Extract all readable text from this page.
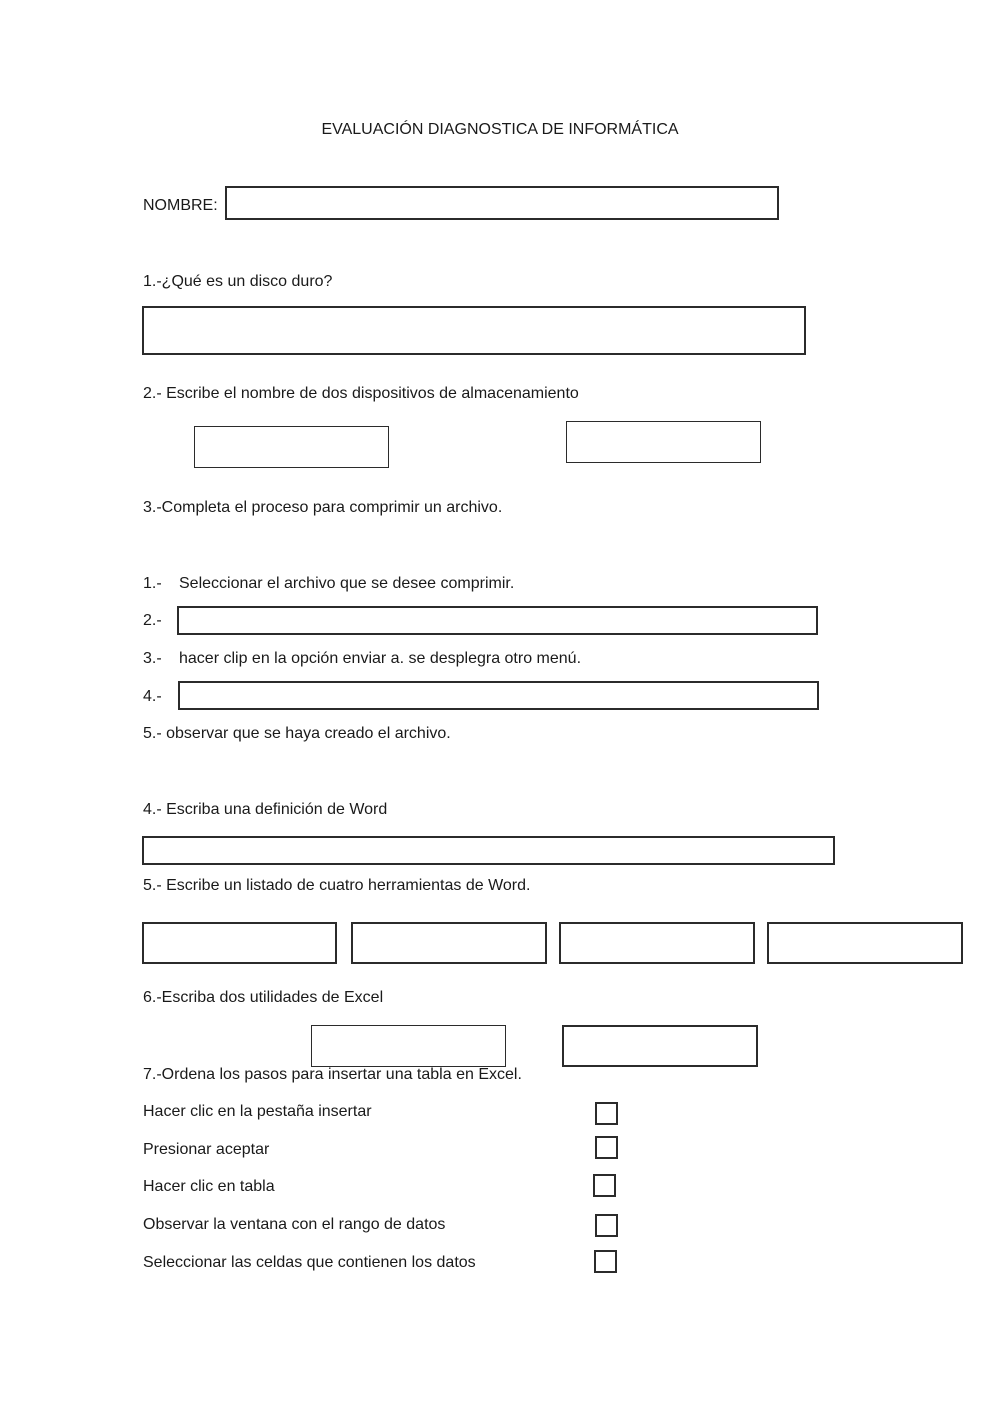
EVALUACIÓN DIAGNOSTICA DE INFORMÁTICA
NOMBRE:
1.-¿Qué es un disco duro?
2.- Escribe el nombre de dos dispositivos de almacenamiento
3.-Completa el proceso para comprimir un archivo.
1.- Seleccionar el archivo que se desee comprimir.
2.-
3.- hacer clip en la opción enviar a. se desplegra otro menú.
4.-
5.- observar que se haya creado el archivo.
4.- Escriba una definición de Word
5.- Escribe un listado de cuatro herramientas de Word.
6.-Escriba dos utilidades de Excel
7.-Ordena los pasos para insertar una tabla en Excel.
Hacer clic en la pestaña insertar
Presionar aceptar
Hacer clic en tabla
Observar la ventana con el rango de datos
Seleccionar las celdas que contienen los datos
